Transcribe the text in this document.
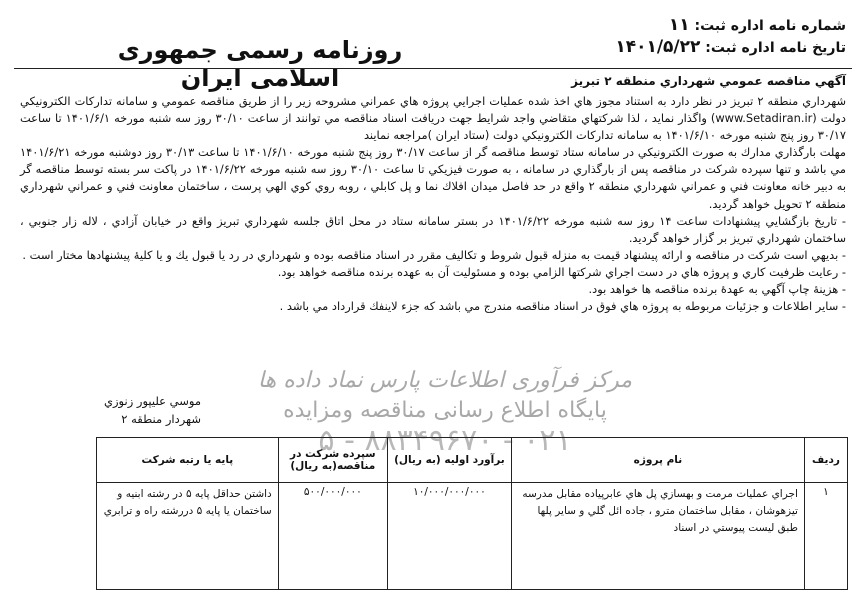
شماره نامه اداره ثبت: ۱۱
تاریخ نامه اداره ثبت: ۱۴۰۱/۵/۲۲
روزنامه رسمی جمهوری اسلامی ایران	آگهي مناقصه عمومي شهرداري منطقه ۲ تبريز

شهرداري منطقه ۲ تبريز در نظر دارد به استناد مجوز هاي اخذ شده عمليات اجرايي پروژه هاي عمراني مشروحه زير را از طريق مناقصه عمومي و سامانه تداركات الكترونيكي دولت (www.Setadiran.ir) واگذار نمايد ، لذا شركتهاي متقاضي واجد شرايط جهت دريافت اسناد مناقصه مي توانند از ساعت ۳۰/۱۰ روز سه شنبه مورخه ۱۴۰۱/۶/۱ تا ساعت ۳۰/۱۷ روز پنج شنبه مورخه ۱۴۰۱/۶/۱۰ به سامانه تداركات الكترونيكي دولت (ستاد ايران )مراجعه نمايند

مهلت بارگذاري مدارك به صورت الكترونيكي در سامانه ستاد توسط مناقصه گر از ساعت ۳۰/۱۷ روز پنج شنبه مورخه ۱۴۰۱/۶/۱۰ تا ساعت ۳۰/۱۳ روز دوشنبه مورخه ۱۴۰۱/۶/۲۱ مي باشد و تنها سپرده شركت در مناقصه پس از بارگذاري در سامانه ، به صورت فيزيكي تا ساعت ۳۰/۱۰ روز سه شنبه مورخه ۱۴۰۱/۶/۲۲ در پاكت سر بسته توسط مناقصه گر به دبير خانه معاونت فني و عمراني شهرداري منطقه ۲ واقع در حد فاصل ميدان افلاك نما و پل كابلي ، روبه روي كوي الهي پرست ، ساختمان معاونت فني و عمراني شهرداري منطقه ۲ تحويل خواهد گرديد.

- تاريخ بازگشايي پيشنهادات ساعت ۱۴ روز سه شنبه مورخه ۱۴۰۱/۶/۲۲ در بستر سامانه ستاد در محل اتاق جلسه شهرداري تبريز واقع در خيابان آزادي ، لاله زار جنوبي ، ساختمان شهرداري تبريز بر گزار خواهد گرديد.

- بديهي است شركت در مناقصه و ارائه پيشنهاد قيمت به منزله قبول شروط و تكاليف مقرر در اسناد مناقصه بوده و شهرداري در رد يا قبول يك و يا كليهٔ پيشنهادها مختار است .

- رعايت ظرفيت كاري و پروژه هاي در دست اجراي شركتها الزامي بوده و مسئوليت آن به عهده برنده مناقصه خواهد بود.

- هزينهٔ چاپ آگهي به عهدهٔ برنده مناقصه ها خواهد بود.

- ساير اطلاعات و جزئيات مربوطه به پروژه هاي فوق در اسناد مناقصه مندرج مي باشد كه جزء لاينفك قرارداد مي باشد .

مرکز فرآوری اطلاعات پارس نماد داده ها
پایگاه اطلاع رسانی مناقصه ومزایده
۰۲۱ - ۸۸۳۴۹۶۷۰ - ۵
موسي عليپور زنوزي
شهردار منطقه ۲
رديف	نام پروژه	برآورد اوليه (به ريال)	سپرده شركت در مناقصه(به ريال)	پايه يا رتبه شركت
۱	اجراي عمليات مرمت و بهسازي پل هاي عابرپياده مقابل مدرسه تيزهوشان ، مقابل ساختمان مترو ، جاده ائل گلي و ساير پلها طبق ليست پيوستي در اسناد	۱۰/۰۰۰/۰۰۰/۰۰۰	۵۰۰/۰۰۰/۰۰۰	داشتن حداقل پايه ۵ در رشته ابنيه و ساختمان يا پايه ۵ دررشته راه و ترابري
